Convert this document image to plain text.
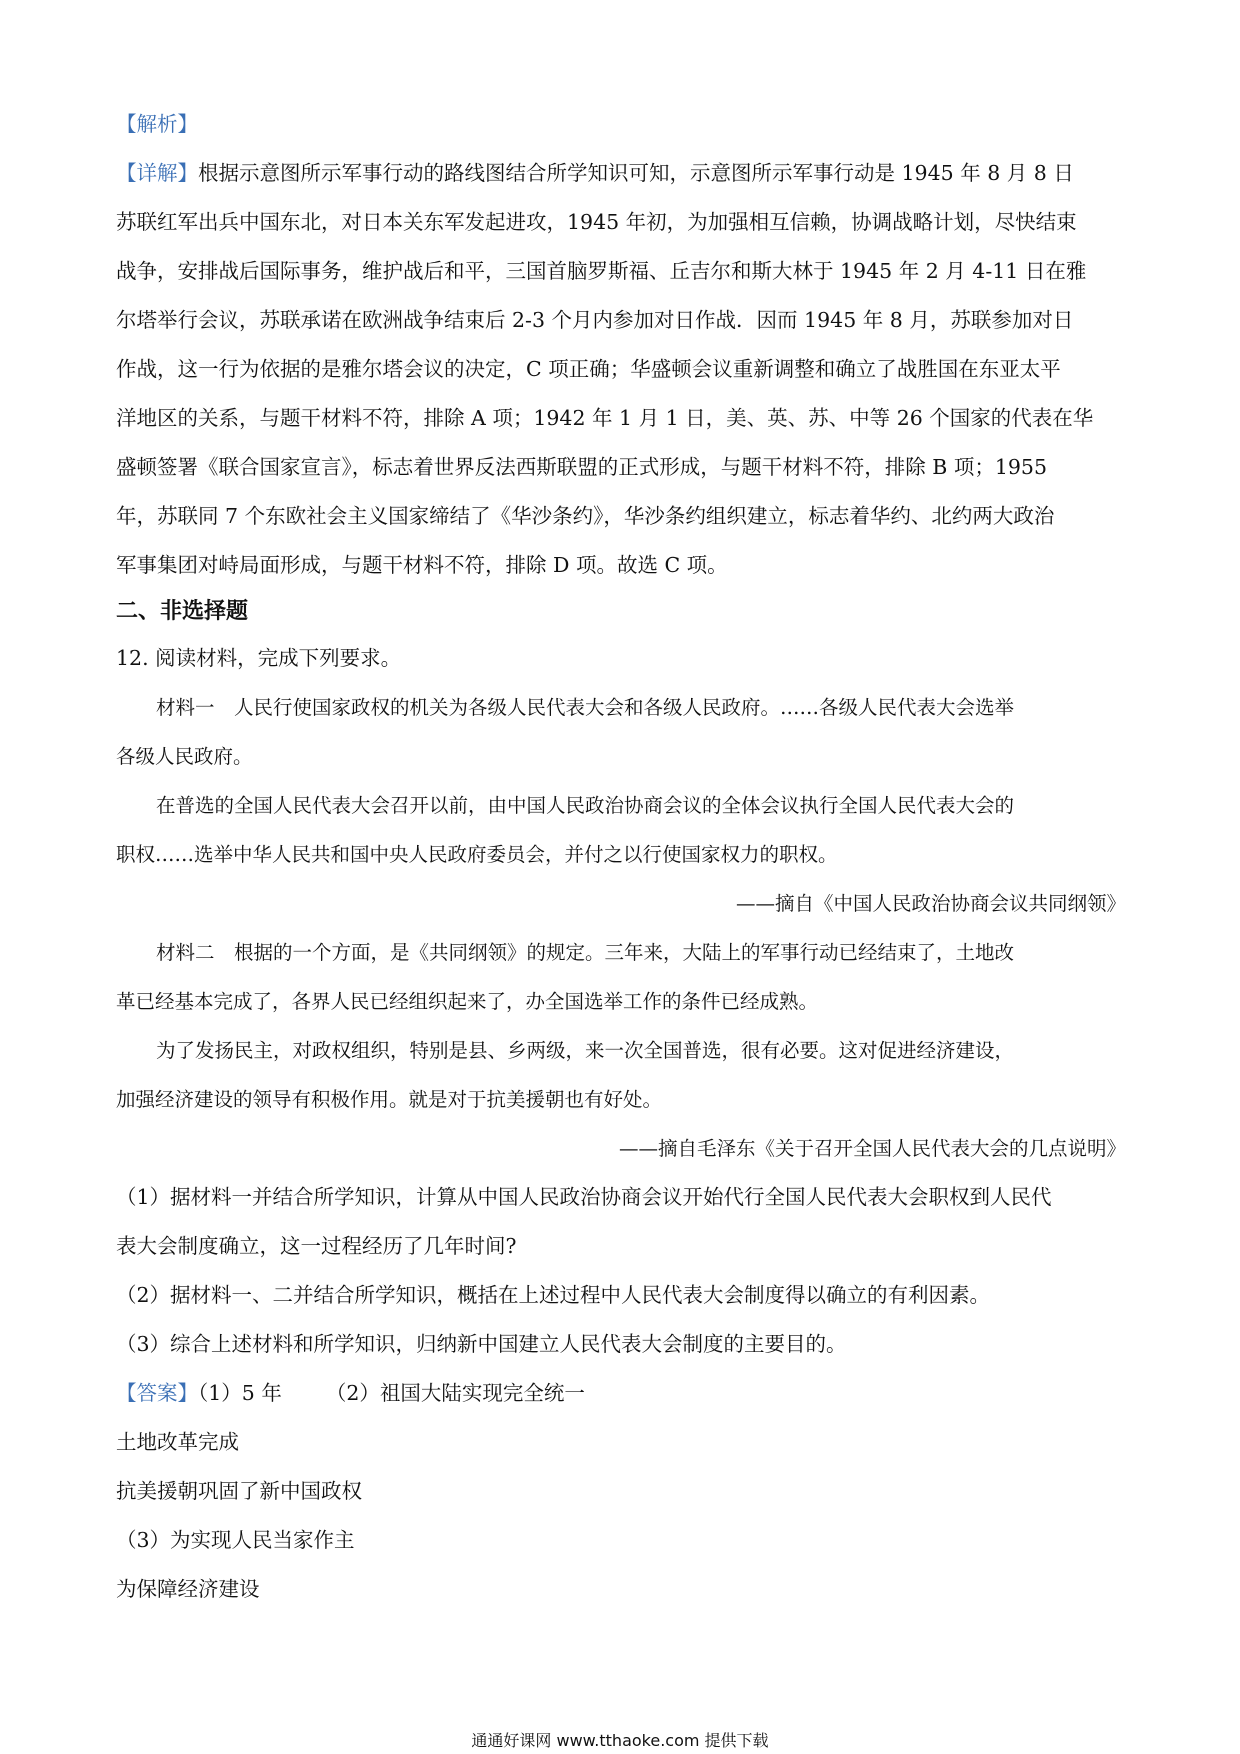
【解析】

【详解】根据示意图所示军事行动的路线图结合所学知识可知，示意图所示军事行动是 1945 年 8 月 8 日

苏联红军出兵中国东北，对日本关东军发起进攻，1945 年初，为加强相互信赖，协调战略计划，尽快结束

战争，安排战后国际事务，维护战后和平，三国首脑罗斯福、丘吉尔和斯大林于 1945 年 2 月 4-11 日在雅

尔塔举行会议，苏联承诺在欧洲战争结束后 2-3 个月内参加对日作战．因而 1945 年 8 月，苏联参加对日

作战，这一行为依据的是雅尔塔会议的决定，C 项正确；华盛顿会议重新调整和确立了战胜国在东亚太平

洋地区的关系，与题干材料不符，排除 A 项；1942 年 1 月 1 日，美、英、苏、中等 26 个国家的代表在华

盛顿签署《联合国家宣言》，标志着世界反法西斯联盟的正式形成，与题干材料不符，排除 B 项；1955

年，苏联同 7 个东欧社会主义国家缔结了《华沙条约》，华沙条约组织建立，标志着华约、北约两大政治

军事集团对峙局面形成，与题干材料不符，排除 D 项。故选 C 项。

二、非选择题

12. 阅读材料，完成下列要求。

材料一　人民行使国家政权的机关为各级人民代表大会和各级人民政府。……各级人民代表大会选举

各级人民政府。

在普选的全国人民代表大会召开以前，由中国人民政治协商会议的全体会议执行全国人民代表大会的

职权……选举中华人民共和国中央人民政府委员会，并付之以行使国家权力的职权。

——摘自《中国人民政治协商会议共同纲领》

材料二　根据的一个方面，是《共同纲领》的规定。三年来，大陆上的军事行动已经结束了，土地改

革已经基本完成了，各界人民已经组织起来了，办全国选举工作的条件已经成熟。

为了发扬民主，对政权组织，特别是县、乡两级，来一次全国普选，很有必要。这对促进经济建设，

加强经济建设的领导有积极作用。就是对于抗美援朝也有好处。

——摘自毛泽东《关于召开全国人民代表大会的几点说明》

（1）据材料一并结合所学知识，计算从中国人民政治协商会议开始代行全国人民代表大会职权到人民代

表大会制度确立，这一过程经历了几年时间?

（2）据材料一、二并结合所学知识，概括在上述过程中人民代表大会制度得以确立的有利因素。

（3）综合上述材料和所学知识，归纳新中国建立人民代表大会制度的主要目的。

【答案】（1）5 年 （2）祖国大陆实现完全统一

土地改革完成

抗美援朝巩固了新中国政权

（3）为实现人民当家作主

为保障经济建设

通通好课网 www.tthaoke.com 提供下载
